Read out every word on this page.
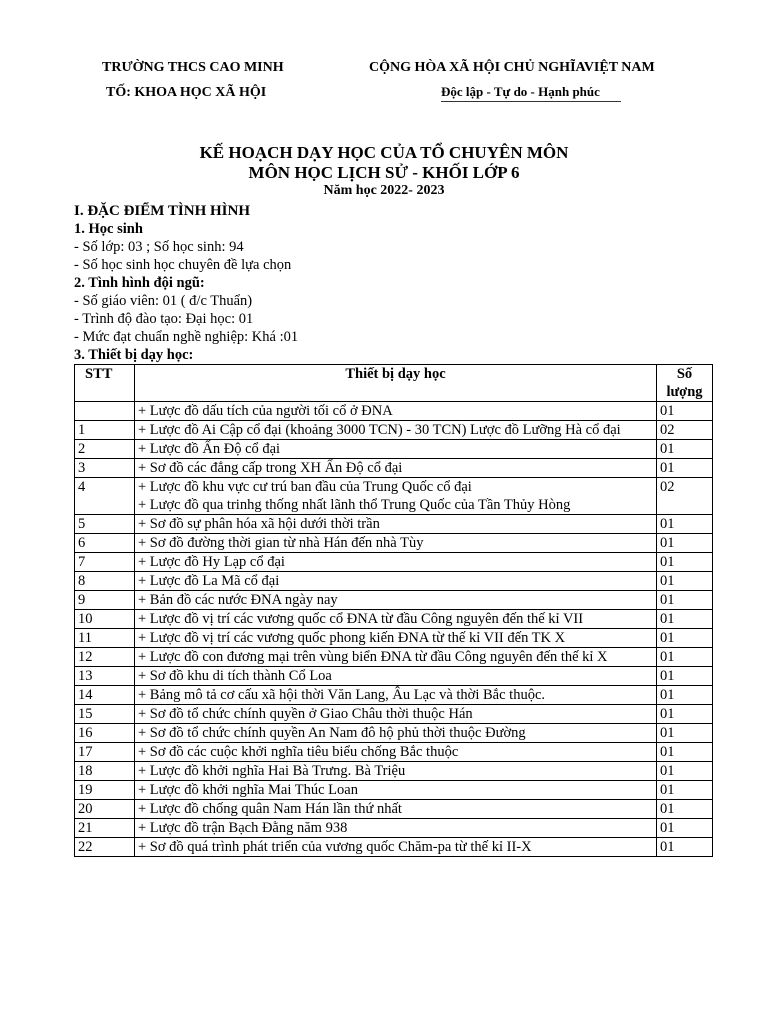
TRƯỜNG THCS CAO MINH
TỐ: KHOA HỌC XÃ HỘI
CỘNG HÒA XÃ HỘI CHỦ NGHĨAVIỆT NAM
Độc lập - Tự do - Hạnh phúc
KẾ HOẠCH DẠY HỌC CỦA TỔ CHUYÊN MÔN
MÔN HỌC LỊCH SỬ - KHỐI LỚP 6
Năm học 2022- 2023
I. ĐẶC ĐIỂM TÌNH HÌNH
1. Học sinh
- Số lớp: 03 ; Số học sinh: 94
- Số học sinh học chuyên đề lựa chọn
2. Tình hình đội ngũ:
- Số giáo viên: 01 ( đ/c Thuẩn)
- Trình độ đào tạo: Đại học: 01
- Mức đạt chuẩn nghề nghiệp: Khá :01
3. Thiết bị dạy học:
STT	Thiết bị dạy học	Số lượng
	+ Lược đồ dấu tích của người tối cổ ở ĐNA	01
1	+ Lược đồ Ai Cập cổ đại (khoảng 3000 TCN) - 30 TCN) Lược đồ Lưỡng Hà cổ đại	02
2	+ Lược đồ Ấn Độ cổ đại	01
3	+ Sơ đồ các đẳng cấp trong XH Ấn Độ cổ đại	01
4	+ Lược đồ khu vực cư trú ban đầu của Trung Quốc cổ đại
+ Lược đồ qua trinhg thống nhất lãnh thổ Trung Quốc của Tần Thủy Hòng	02
5	+ Sơ đồ sự phân hóa xã hội dưới thời trần	01
6	+ Sơ đồ đường thời gian từ nhà Hán đến nhà Tùy	01
7	+ Lược đồ Hy Lạp cổ đại	01
8	+ Lược đồ La Mã cổ đại	01
9	+ Bản đồ các nước ĐNA ngày nay	01
10	+ Lược đồ vị trí các vương quốc cổ ĐNA từ đầu Công nguyên đến thế kỉ VII	01
11	+ Lược đồ vị trí các vương quốc phong kiến ĐNA từ thế kỉ VII đến TK X	01
12	+ Lược đồ con đương mại trên vùng biển ĐNA từ đầu Công nguyên đến thế kỉ X	01
13	+ Sơ đồ khu di tích thành Cổ Loa	01
14	+ Bảng mô tả cơ cấu xã hội thời Văn Lang, Âu Lạc và thời Bắc thuộc.	01
15	+ Sơ đồ tổ chức chính quyền ở Giao Châu thời thuộc Hán	01
16	+ Sơ đồ tổ chức chính quyền An Nam đô hộ phủ thời thuộc Đường	01
17	+ Sơ đồ các cuộc khởi nghĩa tiêu biểu chống Bắc thuộc	01
18	+ Lược đồ khởi nghĩa Hai Bà Trưng. Bà Triệu	01
19	+ Lược đồ khởi nghĩa Mai Thúc Loan	01
20	+ Lược đồ chống quân Nam Hán lần thứ nhất	01
21	+ Lược đồ trận Bạch Đằng năm 938	01
22	+ Sơ đồ quá trình phát triển của vương quốc Chăm-pa từ thế kỉ II-X	01
